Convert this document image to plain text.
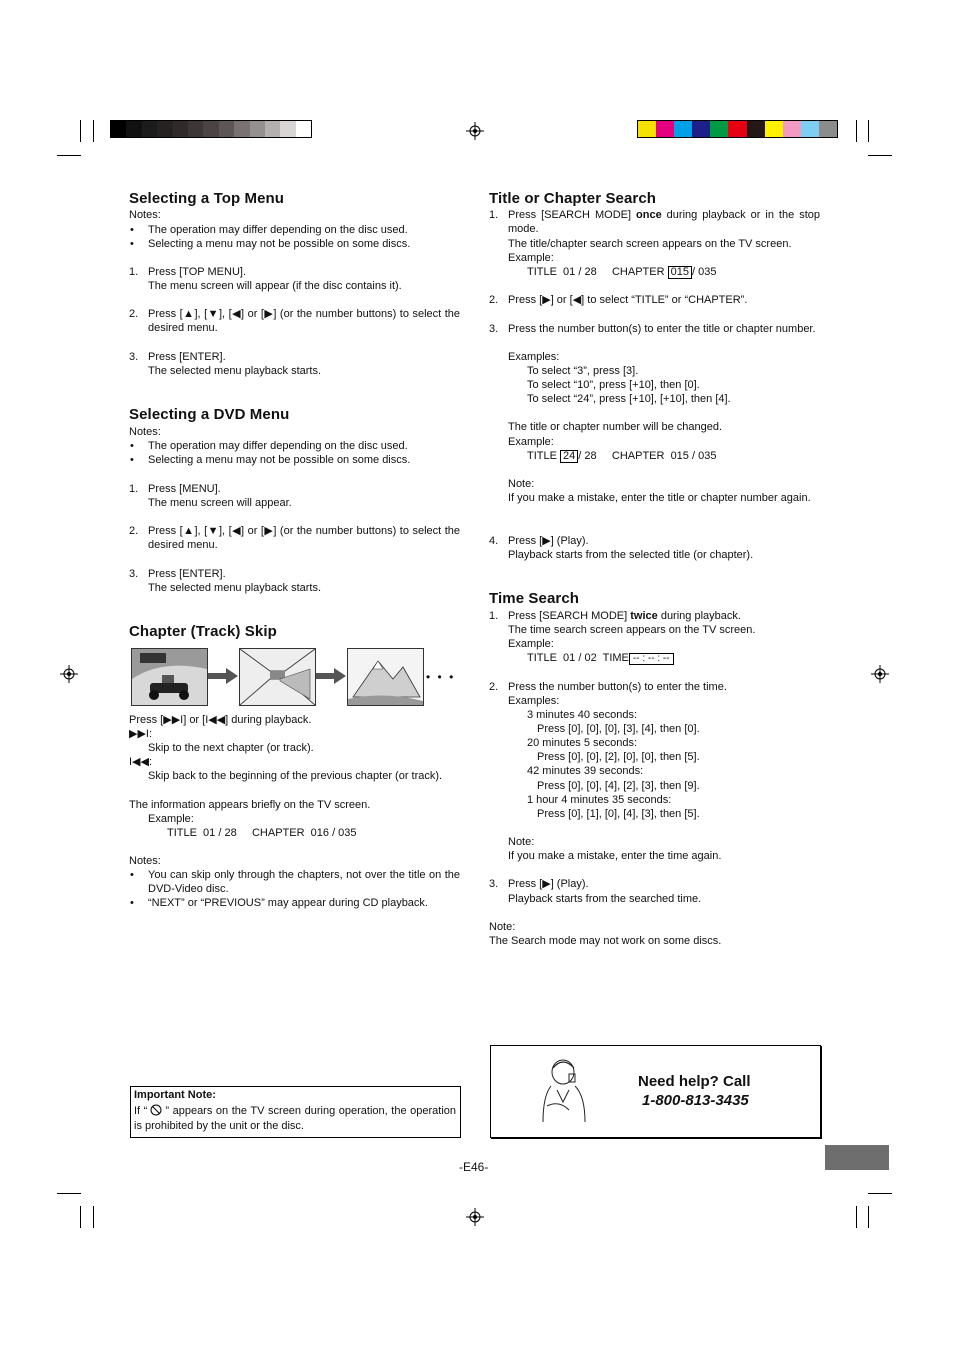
Selecting a Top Menu
Notes:
• The operation may differ depending on the disc used.
• Selecting a menu may not be possible on some discs.
1. Press [TOP MENU].
The menu screen will appear (if the disc contains it).
2. Press [▲], [▼], [◀] or [▶] (or the number buttons) to select the desired menu.
3. Press [ENTER].
The selected menu playback starts.
Selecting a DVD Menu
Notes:
• The operation may differ depending on the disc used.
• Selecting a menu may not be possible on some discs.
1. Press [MENU].
The menu screen will appear.
2. Press [▲], [▼], [◀] or [▶] (or the number buttons) to select the desired menu.
3. Press [ENTER].
The selected menu playback starts.
Chapter (Track) Skip
• • •
Press [▶▶I] or [I◀◀] during playback.
▶▶I:
Skip to the next chapter (or track).
I◀◀:
Skip back to the beginning of the previous chapter (or track).
The information appears briefly on the TV screen.
Example:
TITLE  01 / 28     CHAPTER  016 / 035
Notes:
• You can skip only through the chapters, not over the title on the DVD-Video disc.
• “NEXT” or “PREVIOUS” may appear during CD playback.
Important Note:
If “ ” appears on the TV screen during operation, the operation is prohibited by the unit or the disc.
Title or Chapter Search
1. Press [SEARCH MODE] once during playback or in the stop mode.
The title/chapter search screen appears on the TV screen.
Example:
TITLE  01 / 28     CHAPTER 015 / 035
2. Press [▶] or [◀] to select “TITLE” or “CHAPTER”.
3. Press the number button(s) to enter the title or chapter number.
Examples:
To select “3”, press [3].
To select “10”, press [+10], then [0].
To select “24”, press [+10], [+10], then [4].
The title or chapter number will be changed.
Example:
TITLE 24 / 28     CHAPTER  015 / 035
Note:
If you make a mistake, enter the title or chapter number again.
4. Press [▶] (Play).
Playback starts from the selected title (or chapter).
Time Search
1. Press [SEARCH MODE] twice during playback.
The time search screen appears on the TV screen.
Example:
TITLE  01 / 02  TIME -- : -- : --
2. Press the number button(s) to enter the time.
Examples:
3 minutes 40 seconds:
Press [0], [0], [0], [3], [4], then [0].
20 minutes 5 seconds:
Press [0], [0], [2], [0], [0], then [5].
42 minutes 39 seconds:
Press [0], [0], [4], [2], [3], then [9].
1 hour 4 minutes 35 seconds:
Press [0], [1], [0], [4], [3], then [5].
Note:
If you make a mistake, enter the time again.
3. Press [▶] (Play).
Playback starts from the searched time.
Note:
The Search mode may not work on some discs.
Need help? Call
1-800-813-3435
-E46-
